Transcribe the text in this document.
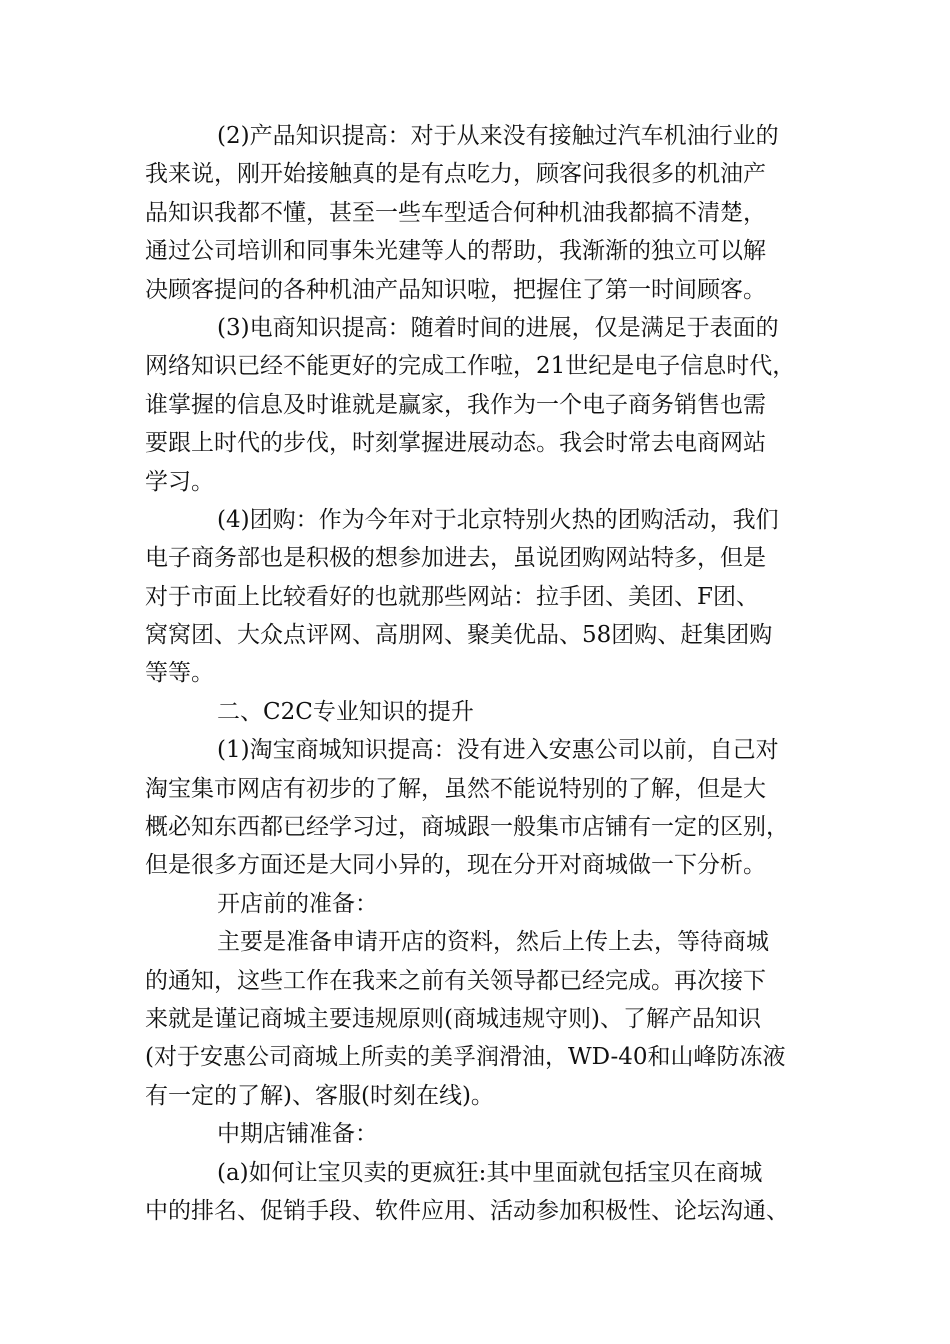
(2)产品知识提高：对于从来没有接触过汽车机油行业的
我来说，刚开始接触真的是有点吃力，顾客问我很多的机油产
品知识我都不懂，甚至一些车型适合何种机油我都搞不清楚，
通过公司培训和同事朱光建等人的帮助，我渐渐的独立可以解
决顾客提问的各种机油产品知识啦，把握住了第一时间顾客。
(3)电商知识提高：随着时间的进展，仅是满足于表面的
网络知识已经不能更好的完成工作啦，21世纪是电子信息时代，
谁掌握的信息及时谁就是赢家，我作为一个电子商务销售也需
要跟上时代的步伐，时刻掌握进展动态。我会时常去电商网站
学习。
(4)团购：作为今年对于北京特别火热的团购活动，我们
电子商务部也是积极的想参加进去，虽说团购网站特多，但是
对于市面上比较看好的也就那些网站：拉手团、美团、F团、
窝窝团、大众点评网、高朋网、聚美优品、58团购、赶集团购
等等。
二、C2C专业知识的提升
(1)淘宝商城知识提高：没有进入安惠公司以前，自己对
淘宝集市网店有初步的了解，虽然不能说特别的了解，但是大
概必知东西都已经学习过，商城跟一般集市店铺有一定的区别，
但是很多方面还是大同小异的，现在分开对商城做一下分析。
开店前的准备：
主要是准备申请开店的资料，然后上传上去，等待商城
的通知，这些工作在我来之前有关领导都已经完成。再次接下
来就是谨记商城主要违规原则(商城违规守则)、了解产品知识
(对于安惠公司商城上所卖的美孚润滑油，WD-40和山峰防冻液
有一定的了解)、客服(时刻在线)。
中期店铺准备：
(a)如何让宝贝卖的更疯狂:其中里面就包括宝贝在商城
中的排名、促销手段、软件应用、活动参加积极性、论坛沟通、
